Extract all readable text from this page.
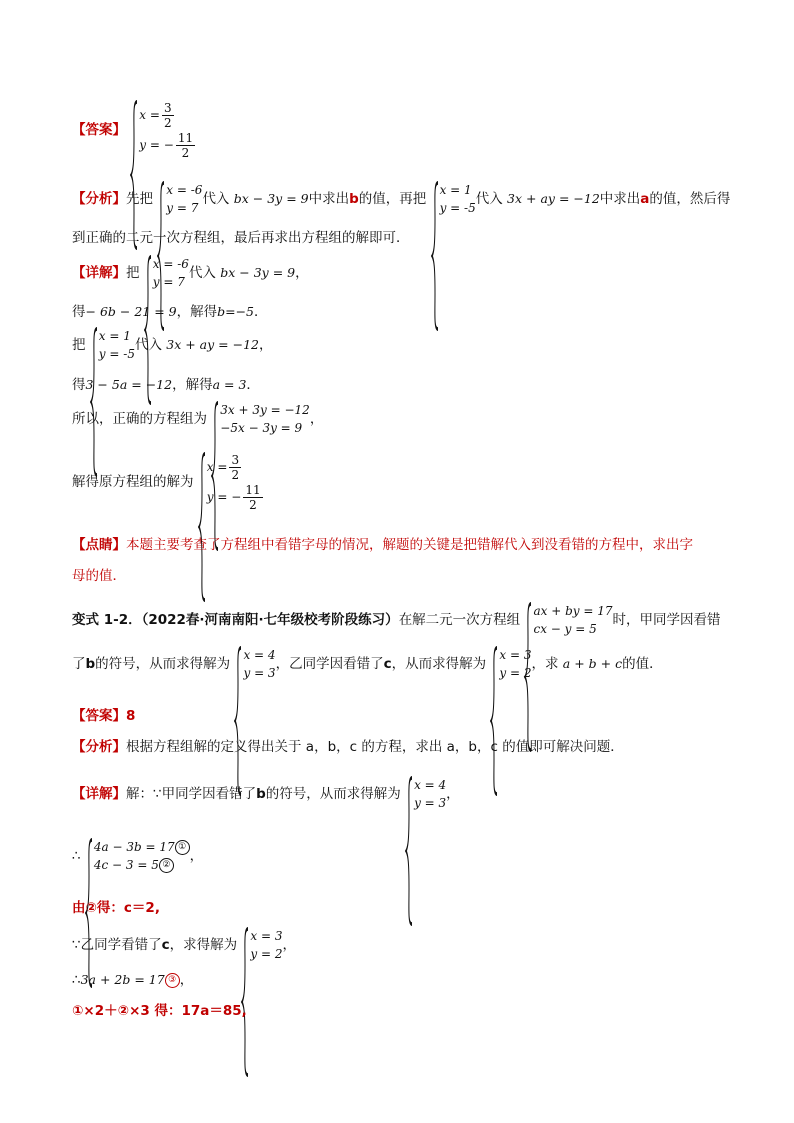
【答案】
$x = \frac{3}{2}$
y = − $\frac{11}{2}$
【分析】先把
x = -6
y = 7
代入 bx − 3y = 9中求出b的值，再把
x = 1
y = -5
代入 3x + ay = −12中求出a的值，然后得
到正确的二元一次方程组，最后再求出方程组的解即可．
【详解】把
x = -6
y = 7
代入 bx − 3y = 9，
得− 6b − 21 = 9，解得b=−5．
把
x = 1
y = -5
代入 3x + ay = −12，
得3 − 5a = −12，解得a = 3．
所以，正确的方程组为
3x + 3y = −12
−5x − 3y = 9
，
解得原方程组的解为
$x = \frac{3}{2}$
y = − $\frac{11}{2}$
【点睛】本题主要考查了方程组中看错字母的情况，解题的关键是把错解代入到没看错的方程中，求出字
母的值．
变式 1-2．（2022春·河南南阳·七年级校考阶段练习）在解二元一次方程组
ax + by = 17
cx − y = 5
时，甲同学因看错
了b的符号，从而求得解为
x = 4
y = 3
，乙同学因看错了c，从而求得解为
x = 3
y = 2
，求 a + b + c的值．
【答案】8
【分析】根据方程组解的定义得出关于 a，b，c 的方程，求出 a，b，c 的值即可解决问题．
【详解】解：∵甲同学因看错了b的符号，从而求得解为
x = 4
y = 3
，
∴
4a − 3b = 17 ①
4c − 3 = 5 ②
，
由②得：c＝2,
∵乙同学看错了c，求得解为
x = 3
y = 2
，
∴3a + 2b = 17 ③ ，
①×2＋②×3 得：17a＝85,
